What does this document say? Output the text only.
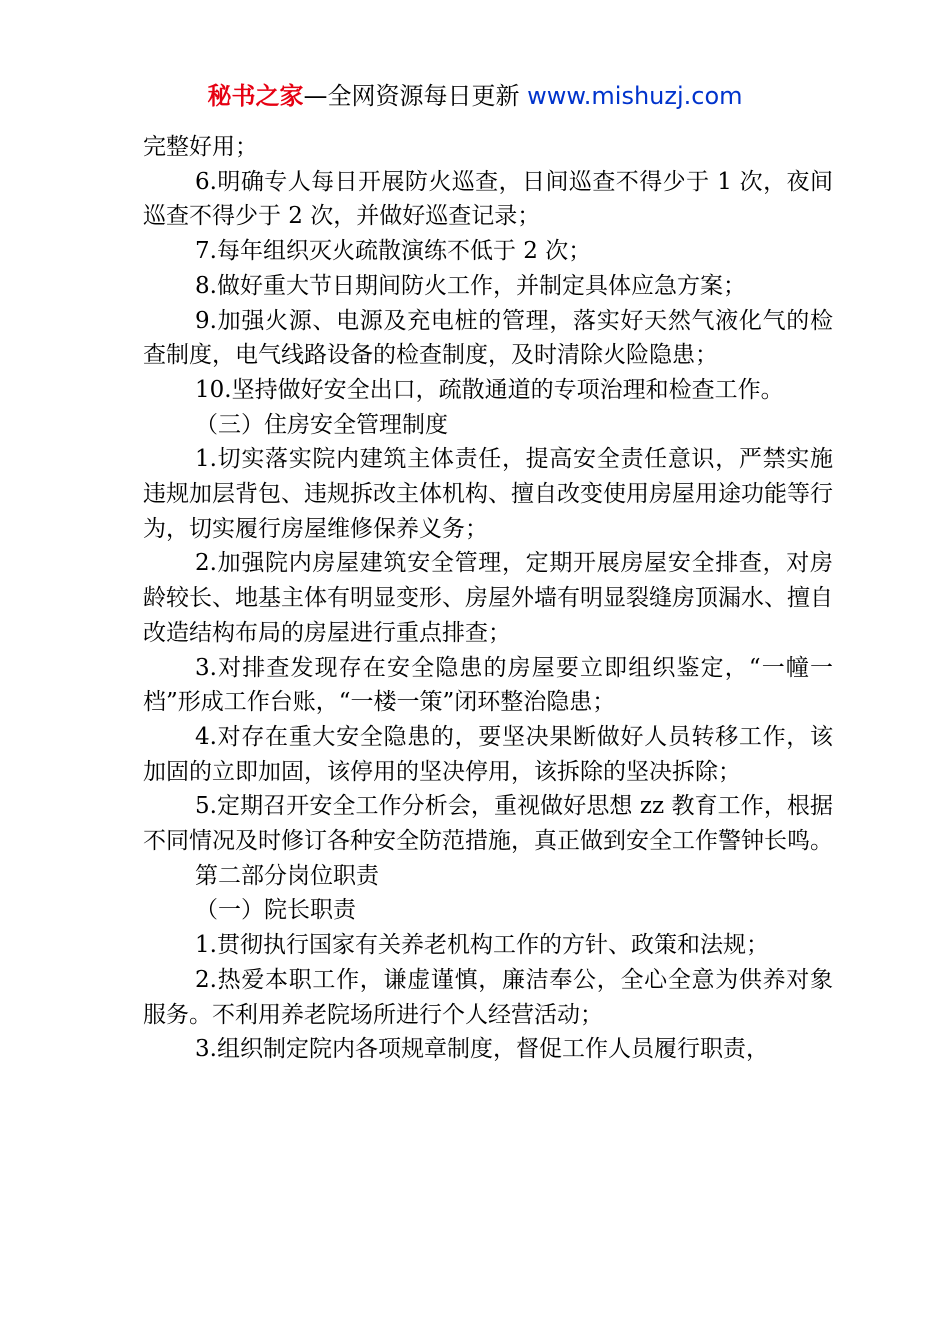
秘书之家—全网资源每日更新 www.mishuzj.com

完整好用；

6.明确专人每日开展防火巡查，日间巡查不得少于 1 次，夜间巡查不得少于 2 次，并做好巡查记录；

7.每年组织灭火疏散演练不低于 2 次；

8.做好重大节日期间防火工作，并制定具体应急方案；

9.加强火源、电源及充电桩的管理，落实好天然气液化气的检查制度，电气线路设备的检查制度，及时清除火险隐患；

10.坚持做好安全出口，疏散通道的专项治理和检查工作。

（三）住房安全管理制度

1.切实落实院内建筑主体责任，提高安全责任意识，严禁实施违规加层背包、违规拆改主体机构、擅自改变使用房屋用途功能等行为，切实履行房屋维修保养义务；

2.加强院内房屋建筑安全管理，定期开展房屋安全排查，对房龄较长、地基主体有明显变形、房屋外墙有明显裂缝房顶漏水、擅自改造结构布局的房屋进行重点排查；

3.对排查发现存在安全隐患的房屋要立即组织鉴定，“一幢一档”形成工作台账，“一楼一策”闭环整治隐患；

4.对存在重大安全隐患的，要坚决果断做好人员转移工作，该加固的立即加固，该停用的坚决停用，该拆除的坚决拆除；

5.定期召开安全工作分析会，重视做好思想 zz 教育工作，根据不同情况及时修订各种安全防范措施，真正做到安全工作警钟长鸣。

第二部分岗位职责

（一）院长职责

1.贯彻执行国家有关养老机构工作的方针、政策和法规；

2.热爱本职工作，谦虚谨慎，廉洁奉公，全心全意为供养对象服务。不利用养老院场所进行个人经营活动；

3.组织制定院内各项规章制度，督促工作人员履行职责，
